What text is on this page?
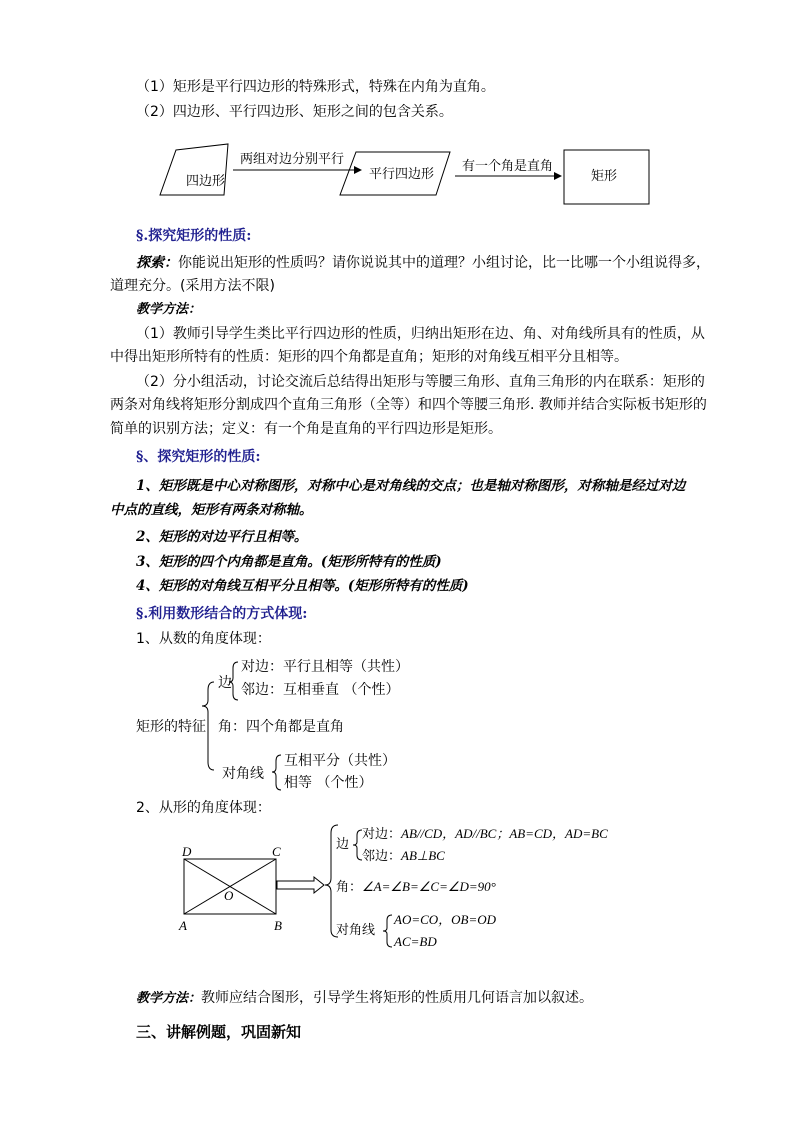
（1）矩形是平行四边形的特殊形式，特殊在内角为直角。
（2）四边形、平行四边形、矩形之间的包含关系。
四边形
两组对边分别平行
平行四边形
有一个角是直角
矩形
§.探究矩形的性质:
探索：你能说出矩形的性质吗？请你说说其中的道理？小组讨论，比一比哪一个小组说得多，
道理充分。(采用方法不限)
教学方法：
（1）教师引导学生类比平行四边形的性质，归纳出矩形在边、角、对角线所具有的性质，从
中得出矩形所特有的性质：矩形的四个角都是直角；矩形的对角线互相平分且相等。
（2）分小组活动，讨论交流后总结得出矩形与等腰三角形、直角三角形的内在联系：矩形的
两条对角线将矩形分割成四个直角三角形（全等）和四个等腰三角形. 教师并结合实际板书矩形的
简单的识别方法；定义：有一个角是直角的平行四边形是矩形。
§、探究矩形的性质:
1、矩形既是中心对称图形，对称中心是对角线的交点；也是轴对称图形，对称轴是经过对边
中点的直线，矩形有两条对称轴。
2、矩形的对边平行且相等。
3、矩形的四个内角都是直角。(矩形所特有的性质)
4、矩形的对角线互相平分且相等。(矩形所特有的性质)
§.利用数形结合的方式体现:
1、从数的角度体现：
对边：平行且相等（共性）
边 邻边：互相垂直 （个性）
矩形的特征 角：四个角都是直角
对角线
互相平分（共性）
相等 （个性）
2、从形的角度体现：
D	C
O
A	B
边
对边：AB//CD，AD//BC；AB=CD，AD=BC
邻边：AB⊥BC
角：∠A=∠B=∠C=∠D=90°
对角线
AO=CO，OB=OD
AC=BD
教学方法：教师应结合图形，引导学生将矩形的性质用几何语言加以叙述。
三、讲解例题，巩固新知
